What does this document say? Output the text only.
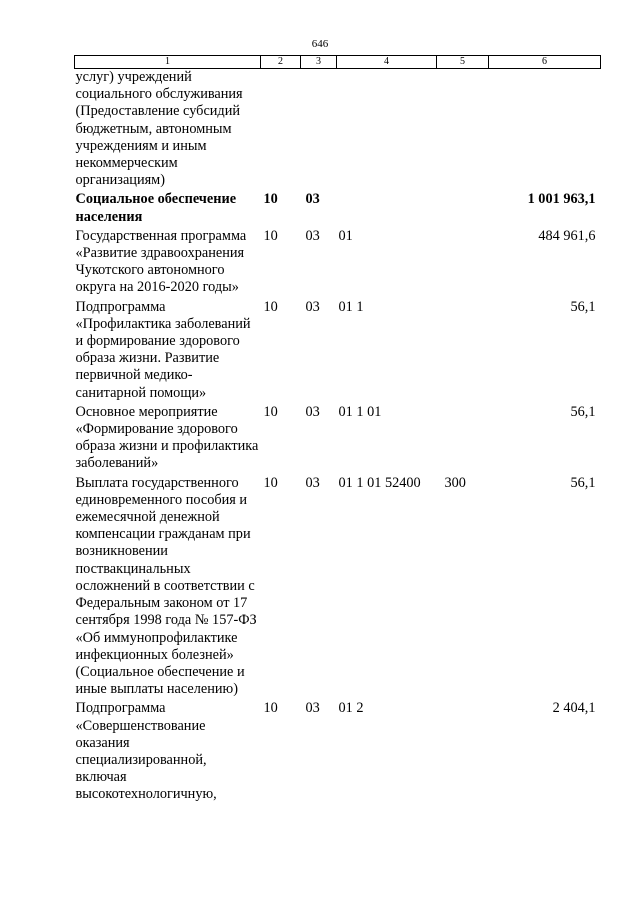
646
1	2	3	4	5	6
услуг) учреждений социального обслуживания (Предоставление субсидий бюджетным, автономным учреждениям и иным некоммерческим организациям)					
Социальное обеспечение населения	10	03			1 001 963,1
Государственная программа «Развитие здравоохранения Чукотского автономного округа на 2016-2020 годы»	10	03	01		484 961,6
Подпрограмма «Профилактика заболеваний и формирование здорового образа жизни. Развитие первичной медико-санитарной помощи»	10	03	01 1		56,1
Основное мероприятие «Формирование здорового образа жизни и профилактика заболеваний»	10	03	01 1 01		56,1
Выплата государственного единовременного пособия и ежемесячной денежной компенсации гражданам при возникновении поствакцинальных осложнений в соответствии с Федеральным законом от 17 сентября 1998 года № 157-ФЗ «Об иммунопрофилактике инфекционных болезней» (Социальное обеспечение и иные выплаты населению)	10	03	01 1 01 52400	300	56,1
Подпрограмма «Совершенствование оказания специализированной, включая высокотехнологичную,	10	03	01 2		2 404,1
